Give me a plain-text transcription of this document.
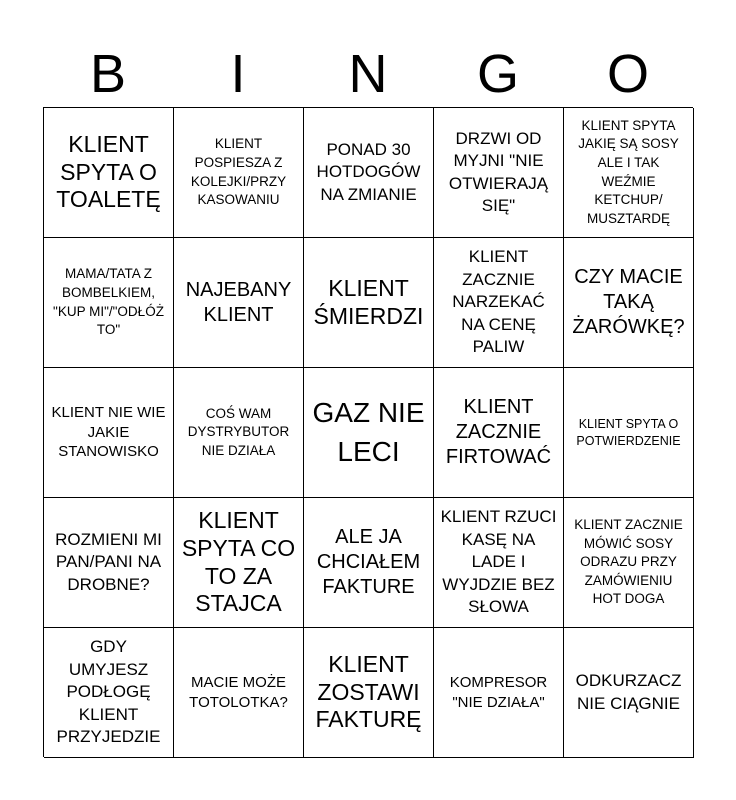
B	I	N	G	O
KLIENT SPYTA O TOALETĘ
KLIENT POSPIESZA Z KOLEJKI/PRZY KASOWANIU
PONAD 30 HOTDOGÓW NA ZMIANIE
DRZWI OD MYJNI "NIE OTWIERAJĄ SIĘ"
KLIENT SPYTA JAKIĘ SĄ SOSY ALE I TAK WEŹMIE KETCHUP/ MUSZTARDĘ
MAMA/TATA Z BOMBELKIEM, "KUP MI"/"ODŁÓŻ TO"
NAJEBANY KLIENT
KLIENT ŚMIERDZI
KLIENT ZACZNIE NARZEKAĆ NA CENĘ PALIW
CZY MACIE TAKĄ ŻARÓWKĘ?
KLIENT NIE WIE JAKIE STANOWISKO
COŚ WAM DYSTRYBUTOR NIE DZIAŁA
GAZ NIE LECI
KLIENT ZACZNIE FIRTOWAĆ
KLIENT SPYTA O POTWIERDZENIE
ROZMIENI MI PAN/PANI NA DROBNE?
KLIENT SPYTA CO TO ZA STAJCA
ALE JA CHCIAŁEM FAKTURE
KLIENT RZUCI KASĘ NA LADE I WYJDZIE BEZ SŁOWA
KLIENT ZACZNIE MÓWIĆ SOSY ODRAZU PRZY ZAMÓWIENIU HOT DOGA
GDY UMYJESZ PODŁOGĘ KLIENT PRZYJEDZIE
MACIE MOŻE TOTOLOTKA?
KLIENT ZOSTAWI FAKTURĘ
KOMPRESOR "NIE DZIAŁA"
ODKURZACZ NIE CIĄGNIE
